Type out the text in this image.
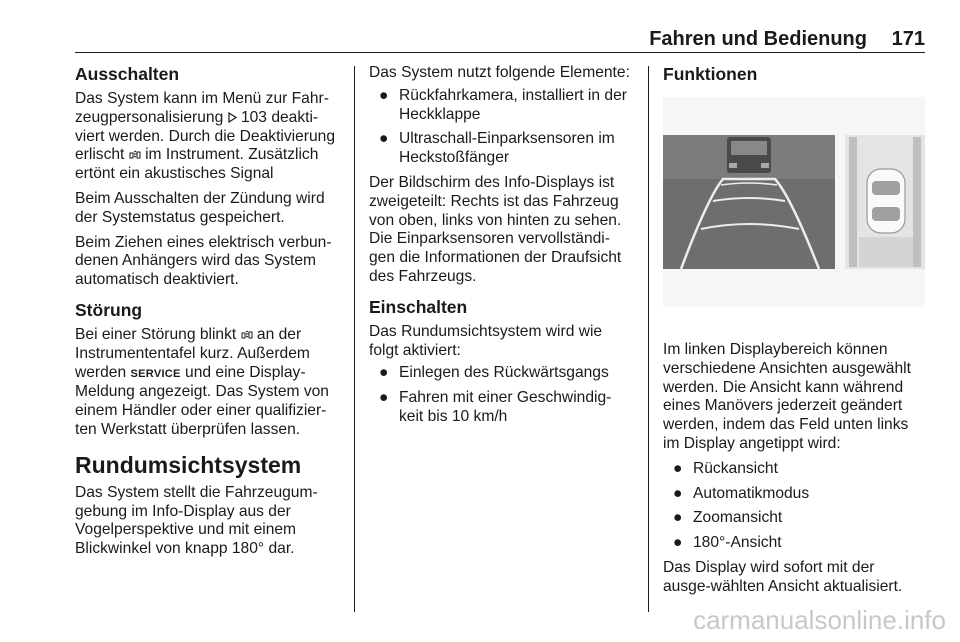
Fahren und Bedienung 171
Ausschalten
Das System kann im Menü zur Fahr-zeugpersonalisierung 103 deakti-viert werden. Durch die Deaktivierung erlischt im Instrument. Zusätzlich ertönt ein akustisches Signal
Beim Ausschalten der Zündung wird der Systemstatus gespeichert.
Beim Ziehen eines elektrisch verbun-denen Anhängers wird das System automatisch deaktiviert.
Störung
Bei einer Störung blinkt an der Instrumententafel kurz. Außerdem werden SERVICE und eine Display-Meldung angezeigt. Das System von einem Händler oder einer qualifizier-ten Werkstatt überprüfen lassen.
Rundumsichtsystem
Das System stellt die Fahrzeugum-gebung im Info-Display aus der Vogelperspektive und mit einem Blickwinkel von knapp 180° dar.
Das System nutzt folgende Elemente:
● Rückfahrkamera, installiert in der Heckklappe
● Ultraschall-Einparksensoren im Heckstoßfänger
Der Bildschirm des Info-Displays ist zweigeteilt: Rechts ist das Fahrzeug von oben, links von hinten zu sehen. Die Einparksensoren vervollständi-gen die Informationen der Draufsicht des Fahrzeugs.
Einschalten
Das Rundumsichtsystem wird wie folgt aktiviert:
● Einlegen des Rückwärtsgangs
● Fahren mit einer Geschwindig-keit bis 10 km/h
Funktionen
Im linken Displaybereich können verschiedene Ansichten ausgewählt werden. Die Ansicht kann während eines Manövers jederzeit geändert werden, indem das Feld unten links im Display angetippt wird:
● Rückansicht
● Automatikmodus
● Zoomansicht
● 180°-Ansicht
Das Display wird sofort mit der ausge-wählten Ansicht aktualisiert.
carmanualsonline.info
